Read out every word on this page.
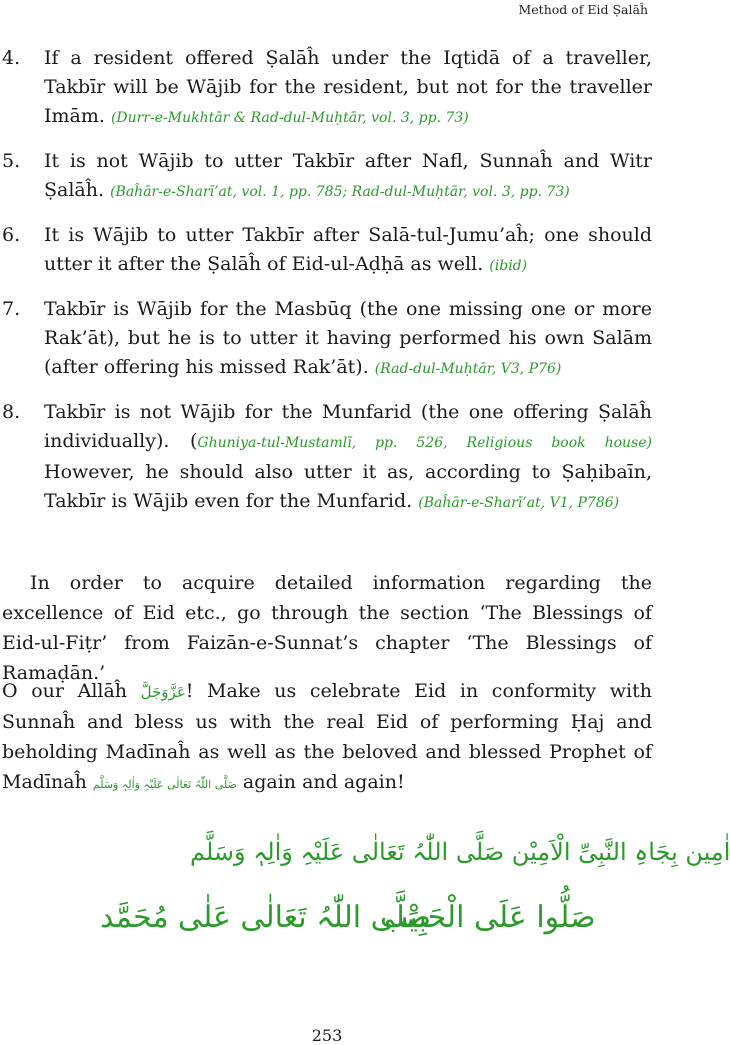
Method of Eid Ṣalāĥ
4.	If a resident offered Ṣalāĥ under the Iqtidā of a traveller, Takbīr will be Wājib for the resident, but not for the traveller Imām. (Durr-e-Mukhtār & Rad-dul-Muḥtār, vol. 3, pp. 73)
5.	It is not Wājib to utter Takbīr after Nafl, Sunnaĥ and Witr Ṣalāĥ. (Baĥār-e-Sharī’at, vol. 1, pp. 785; Rad-dul-Muḥtār, vol. 3, pp. 73)
6.	It is Wājib to utter Takbīr after Salā-tul-Jumu’aĥ; one should utter it after the Ṣalāĥ of Eid-ul-Aḍḥā as well. (ibid)
7.	Takbīr is Wājib for the Masbūq (the one missing one or more Rak’āt), but he is to utter it having performed his own Salām (after offering his missed Rak’āt). (Rad-dul-Muḥtār, V3, P76)
8.	Takbīr is not Wājib for the Munfarid (the one offering Ṣalāĥ individually). (Ghuniya-tul-Mustamlī, pp. 526, Religious book house) However, he should also utter it as, according to Ṣaḥibaīn, Takbīr is Wājib even for the Munfarid. (Baĥār-e-Sharī’at, V1, P786)
In order to acquire detailed information regarding the excellence of Eid etc., go through the section ‘The Blessings of Eid-ul-Fiṭr’ from Faizān-e-Sunnat’s chapter ‘The Blessings of Ramaḍān.’
O our Allāĥ عَزَّوَجَلَّ! Make us celebrate Eid in conformity with Sunnaĥ and bless us with the real Eid of performing Ḥaj and beholding Madīnaĥ as well as the beloved and blessed Prophet of Madīnaĥ صَلَّی اللّٰہُ تَعَالٰی عَلَیْہِ وَاٰلِہٖ وَسَلَّم again and again!
اٰمِین بِجَاہِ النَّبِیِّ الْاَمِیْن صَلَّی اللّٰہُ تَعَالٰی عَلَیْہِ وَاٰلِہٖ وَسَلَّم
صَلَّی اللّٰہُ تَعَالٰی عَلٰی مُحَمَّد
صَلُّوا عَلَی الْحَبِیْب
253
